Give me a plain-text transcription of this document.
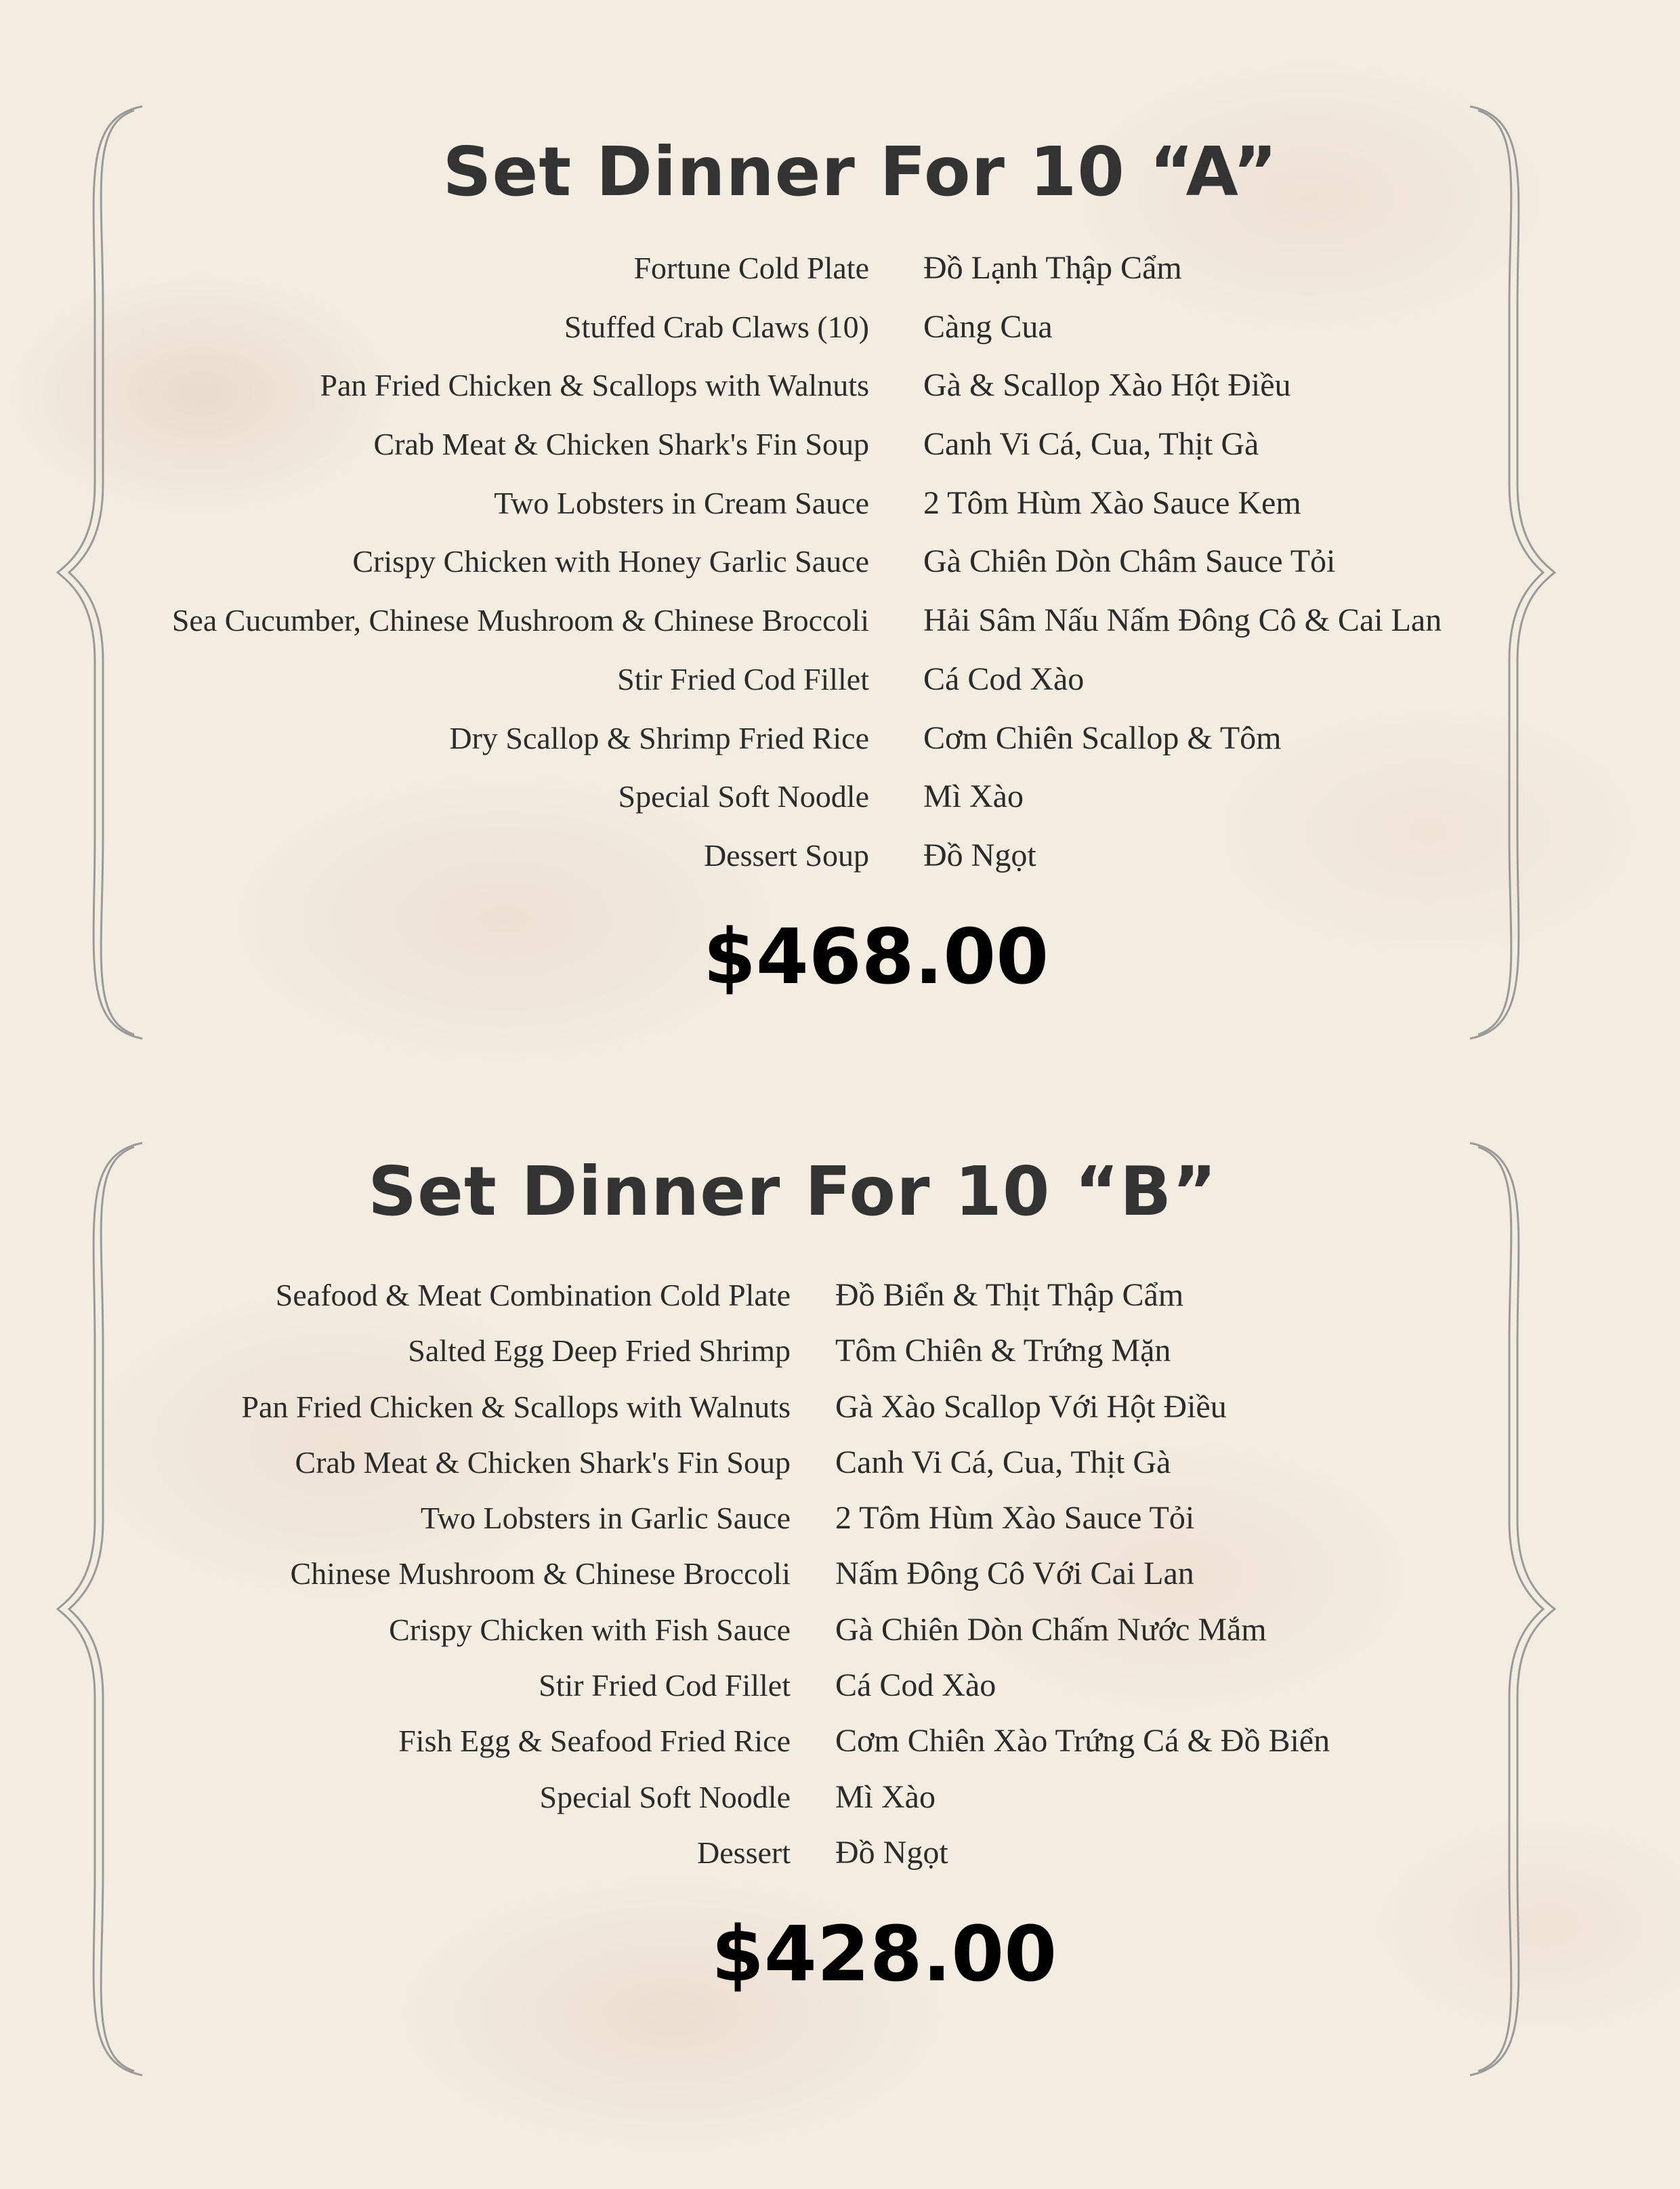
Set Dinner For 10 “A”
Fortune Cold Plate	Đồ Lạnh Thập Cẩm
Stuffed Crab Claws (10)	Càng Cua
Pan Fried Chicken & Scallops with Walnuts	Gà & Scallop Xào Hột Điều
Crab Meat & Chicken Shark's Fin Soup	Canh Vi Cá, Cua, Thịt Gà
Two Lobsters in Cream Sauce	2 Tôm Hùm Xào Sauce Kem
Crispy Chicken with Honey Garlic Sauce	Gà Chiên Dòn Châm Sauce Tỏi
Sea Cucumber, Chinese Mushroom & Chinese Broccoli	Hải Sâm Nấu Nấm Đông Cô & Cai Lan
Stir Fried Cod Fillet	Cá Cod Xào
Dry Scallop & Shrimp Fried Rice	Cơm Chiên Scallop & Tôm
Special Soft Noodle	Mì Xào
Dessert Soup	Đồ Ngọt

$468.00

Set Dinner For 10 “B”
Seafood & Meat Combination Cold Plate	Đồ Biển & Thịt Thập Cẩm
Salted Egg Deep Fried Shrimp	Tôm Chiên & Trứng Mặn
Pan Fried Chicken & Scallops with Walnuts	Gà Xào Scallop Với Hột Điều
Crab Meat & Chicken Shark's Fin Soup	Canh Vi Cá, Cua, Thịt Gà
Two Lobsters in Garlic Sauce	2 Tôm Hùm Xào Sauce Tỏi
Chinese Mushroom & Chinese Broccoli	Nấm Đông Cô Với Cai Lan
Crispy Chicken with Fish Sauce	Gà Chiên Dòn Chấm Nước Mắm
Stir Fried Cod Fillet	Cá Cod Xào
Fish Egg & Seafood Fried Rice	Cơm Chiên Xào Trứng Cá & Đồ Biển
Special Soft Noodle	Mì Xào
Dessert	Đồ Ngọt

$428.00
